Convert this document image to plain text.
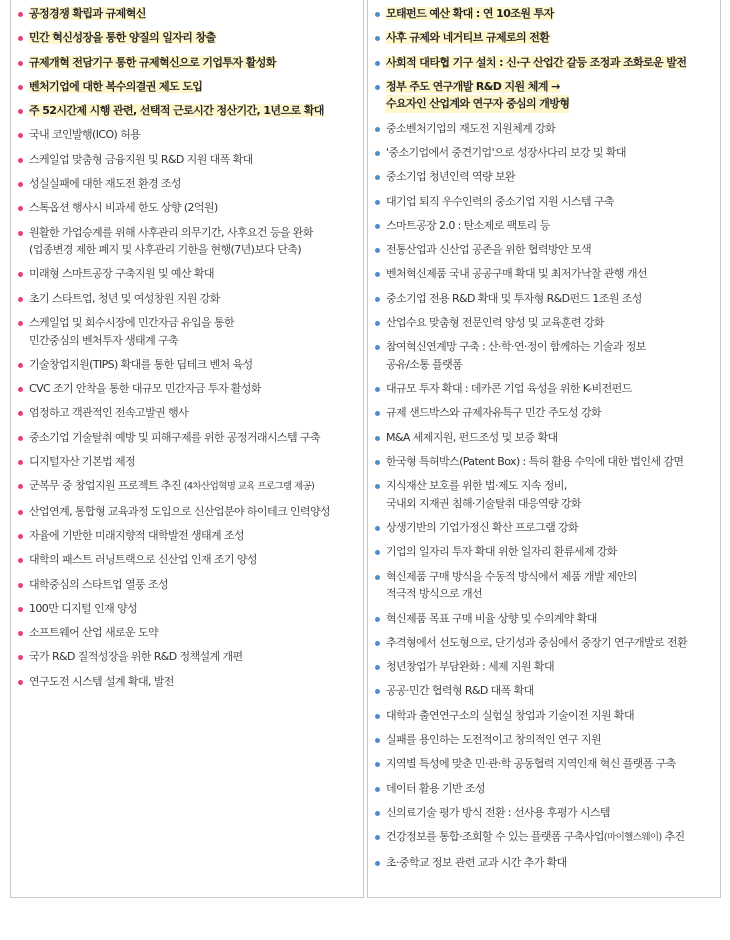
공정경쟁 확립과 규제혁신
민간 혁신성장을 통한 양질의 일자리 창출
규제개혁 전담기구 통한 규제혁신으로 기업투자 활성화
벤처기업에 대한 복수의결권 제도 도입
주 52시간제 시행 관련, 선택적 근로시간 정산기간, 1년으로 확대
국내 코인발행(ICO) 허용
스케일업 맞춤형 금융지원 및 R&D 지원 대폭 확대
성실실패에 대한 재도전 환경 조성
스톡옵션 행사시 비과세 한도 상향 (2억원)
원활한 가업승계를 위해 사후관리 의무기간, 사후요건 등을 완화
(업종변경 제한 폐지 및 사후관리 기한을 현행(7년)보다 단축)
미래형 스마트공장 구축지원 및 예산 확대
초기 스타트업, 청년 및 여성창원 지원 강화
스케일업 및 회수시장에 민간자금 유입을 통한
민간중심의 벤처투자 생태계 구축
기술창업지원(TIPS) 확대를 통한 딥테크 벤처 육성
CVC 조기 안착을 통한 대규모 민간자금 투자 활성화
엄정하고 객관적인 전속고발권 행사
중소기업 기술탈취 예방 및 피해구제를 위한 공정거래시스템 구축
디지털자산 기본법 제정
군복무 중 창업지원 프로젝트 추진 (4차산업혁명 교육 프로그램 제공)
산업연계, 통합형 교육과정 도입으로 신산업분야 하이테크 인력양성
자율에 기반한 미래지향적 대학발전 생태계 조성
대학의 패스트 러닝트랙으로 신산업 인재 조기 양성
대학중심의 스타트업 열풍 조성
100만 디지털 인재 양성
소프트웨어 산업 새로운 도약
국가 R&D 질적성장을 위한 R&D 정책설계 개편
연구도전 시스템 설계 확대, 발전
모태펀드 예산 확대 : 연 10조원 투자
사후 규제와 네거티브 규제로의 전환
사회적 대타협 기구 설치 : 신·구 산업간 갈등 조정과 조화로운 발전
정부 주도 연구개발 R&D 지원 체계 →
수요자인 산업계와 연구자 중심의 개방형
중소벤처기업의 재도전 지원체계 강화
'중소기업에서 중견기업'으로 성장사다리 보강 및 확대
중소기업 청년인력 역량 보완
대기업 퇴직 우수인력의 중소기업 지원 시스템 구축
스마트공장 2.0 : 탄소제로 팩토리 등
전통산업과 신산업 공존을 위한 협력방안 모색
벤처혁신제품 국내 공공구매 확대 및 최저가낙찰 관행 개선
중소기업 전용 R&D 확대 및 투자형 R&D펀드 1조원 조성
산업수요 맞춤형 전문인력 양성 및 교육훈련 강화
참여혁신연계망 구축 : 산·학·연·정이 함께하는 기술과 정보
공유/소통 플랫폼
대규모 투자 확대 : 데카콘 기업 육성을 위한 K-비전펀드
규제 샌드박스와 규제자유특구 민간 주도성 강화
M&A 세제지원, 펀드조성 및 보증 확대
한국형 특허박스(Patent Box) : 특허 활용 수익에 대한 법인세 감면
지식재산 보호를 위한 법·제도 지속 정비,
국내외 지재권 침해·기술탈취 대응역량 강화
상생기반의 기업가정신 확산 프로그램 강화
기업의 일자리 투자 확대 위한 일자리 환류세제 강화
혁신제품 구매 방식을 수동적 방식에서 제품 개발 제안의
적극적 방식으로 개선
혁신제품 목표 구매 비율 상향 및 수의계약 확대
추격형에서 선도형으로, 단기성과 중심에서 중장기 연구개발로 전환
청년창업가 부담완화 : 세제 지원 확대
공공·민간 협력형 R&D 대폭 확대
대학과 출연연구소의 실험실 창업과 기술이전 지원 확대
실패를 용인하는 도전적이고 창의적인 연구 지원
지역별 특성에 맞춘 민·관·학 공동협력 지역인재 혁신 플랫폼 구축
데이터 활용 기반 조성
신의료기술 평가 방식 전환 : 선사용 후평가 시스템
건강정보를 통합·조회할 수 있는 플랫폼 구축사업(마이헬스웨이) 추진
초·중학교 정보 관련 교과 시간 추가 확대
